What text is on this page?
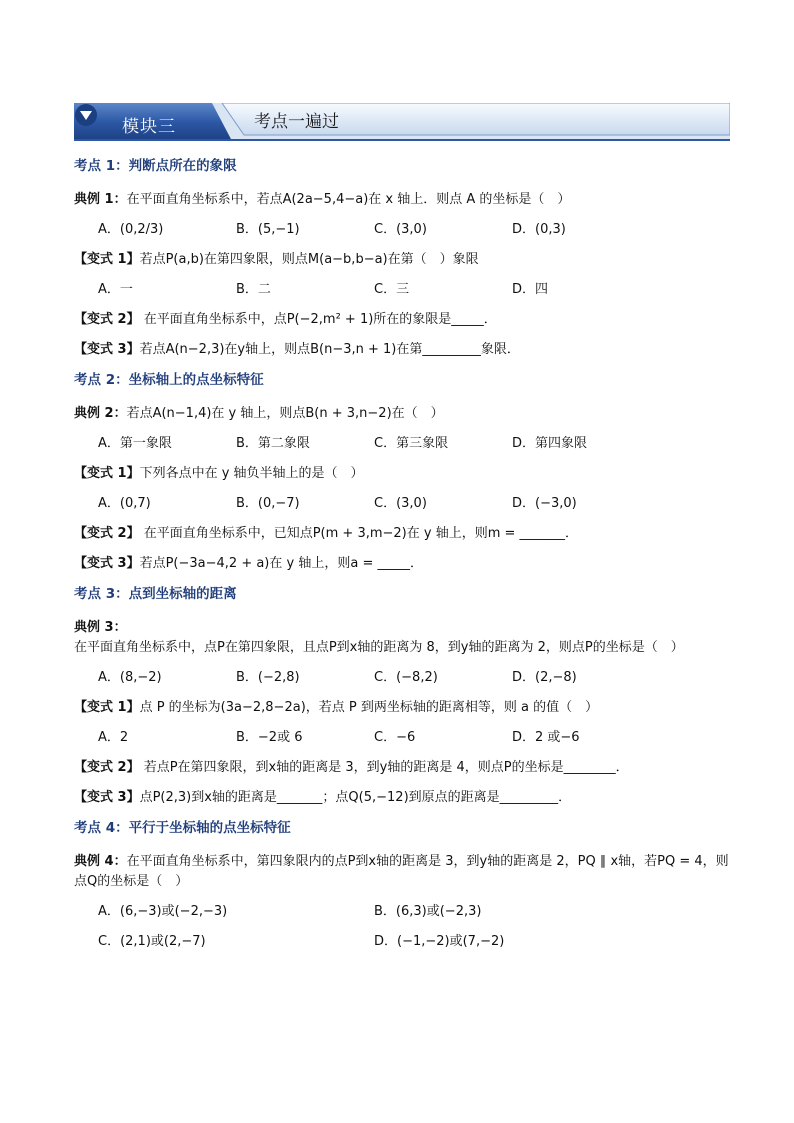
模块三	考点一遍过
考点 1：判断点所在的象限
典例 1：在平面直角坐标系中，若点A(2a−5,4−a)在 x 轴上．则点 A 的坐标是（　）
A．(0,2/3)	B．(5,−1)	C．(3,0)	D．(0,3)
【变式 1】若点P(a,b)在第四象限，则点M(a−b,b−a)在第（　）象限
A．一	B．二	C．三	D．四
【变式 2】 在平面直角坐标系中，点P(−2,m² + 1)所在的象限是_____．
【变式 3】若点A(n−2,3)在y轴上，则点B(n−3,n + 1)在第_________象限．
考点 2：坐标轴上的点坐标特征
典例 2：若点A(n−1,4)在 y 轴上，则点B(n + 3,n−2)在（　）
A．第一象限	B．第二象限	C．第三象限	D．第四象限
【变式 1】下列各点中在 y 轴负半轴上的是（　）
A．(0,7)	B．(0,−7)	C．(3,0)	D．(−3,0)
【变式 2】 在平面直角坐标系中，已知点P(m + 3,m−2)在 y 轴上，则m = _______．
【变式 3】若点P(−3a−4,2 + a)在 y 轴上，则a = _____．
考点 3：点到坐标轴的距离
典例 3：在平面直角坐标系中，点P在第四象限，且点P到x轴的距离为 8，到y轴的距离为 2，则点P的坐标是（　）
A．(8,−2)	B．(−2,8)	C．(−8,2)	D．(2,−8)
【变式 1】点 P 的坐标为(3a−2,8−2a)，若点 P 到两坐标轴的距离相等，则 a 的值（　）
A．2	B．−2或 6	C．−6	D．2 或−6
【变式 2】 若点P在第四象限，到x轴的距离是 3，到y轴的距离是 4，则点P的坐标是________．
【变式 3】点P(2,3)到x轴的距离是_______；点Q(5,−12)到原点的距离是_________．
考点 4：平行于坐标轴的点坐标特征
典例 4：在平面直角坐标系中，第四象限内的点P到x轴的距离是 3，到y轴的距离是 2，PQ ∥ x轴，若PQ = 4，则点Q的坐标是（　）
A．(6,−3)或(−2,−3)	B．(6,3)或(−2,3)
C．(2,1)或(2,−7)	D．(−1,−2)或(7,−2)
